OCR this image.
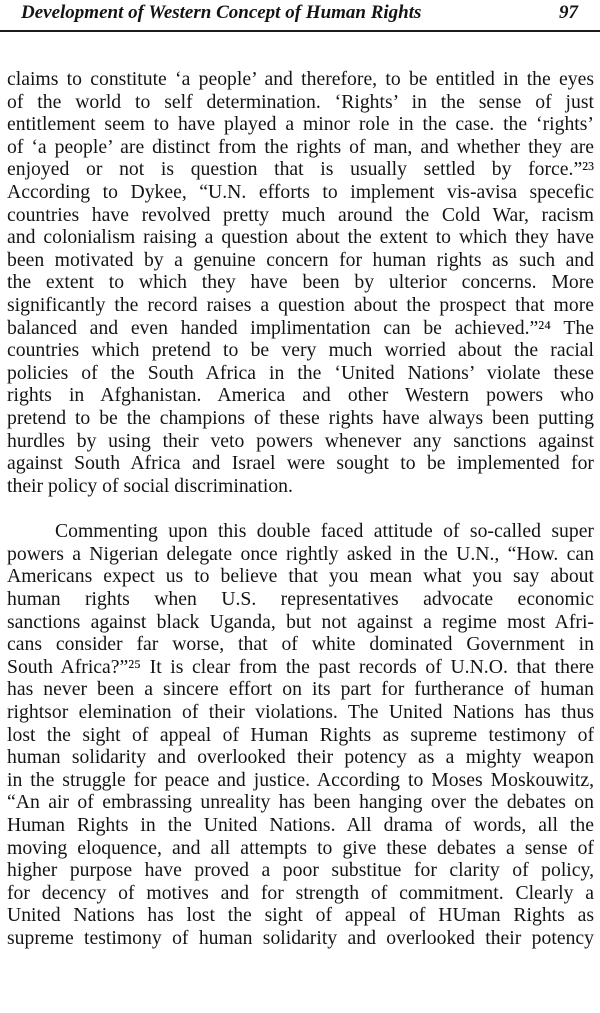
Development of Western Concept of Human Rights	97
claims to constitute ‘a people’ and therefore, to be entitled in the eyes
of the world to self determination. ‘Rights’ in the sense of just
entitlement seem to have played a minor role in the case. the ‘rights’
of ‘a people’ are distinct from the rights of man, and whether they are
enjoyed or not is question that is usually settled by force.”²³
According to Dykee, “U.N. efforts to implement vis-avisa specefic
countries have revolved pretty much around the Cold War, racism
and colonialism raising a question about the extent to which they have
been motivated by a genuine concern for human rights as such and
the extent to which they have been by ulterior concerns. More
significantly the record raises a question about the prospect that more
balanced and even handed implimentation can be achieved.”²⁴ The
countries which pretend to be very much worried about the racial
policies of the South Africa in the ‘United Nations’ violate these
rights in Afghanistan. America and other Western powers who
pretend to be the champions of these rights have always been putting
hurdles by using their veto powers whenever any sanctions against
against South Africa and Israel were sought to be implemented for
their policy of social discrimination.
Commenting upon this double faced attitude of so-called super
powers a Nigerian delegate once rightly asked in the U.N., “How. can
Americans expect us to believe that you mean what you say about
human rights when U.S. representatives advocate economic
sanctions against black Uganda, but not against a regime most Afri-
cans consider far worse, that of white dominated Government in
South Africa?”²⁵ It is clear from the past records of U.N.O. that there
has never been a sincere effort on its part for furtherance of human
rightsor elemination of their violations. The United Nations has thus
lost the sight of appeal of Human Rights as supreme testimony of
human solidarity and overlooked their potency as a mighty weapon
in the struggle for peace and justice. According to Moses Moskouwitz,
“An air of embrassing unreality has been hanging over the debates on
Human Rights in the United Nations. All drama of words, all the
moving eloquence, and all attempts to give these debates a sense of
higher purpose have proved a poor substitue for clarity of policy,
for decency of motives and for strength of commitment. Clearly a
United Nations has lost the sight of appeal of HUman Rights as
supreme testimony of human solidarity and overlooked their potency
